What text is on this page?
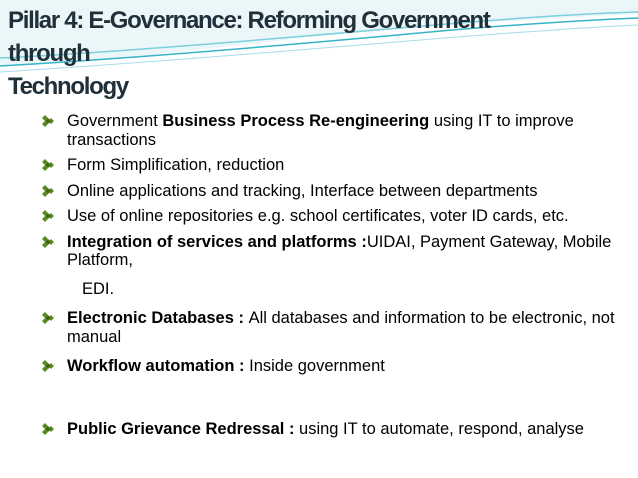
Pillar 4: E-Governance: Reforming Government through
Technology
Government Business Process Re-engineering using IT to improve transactions
Form Simplification, reduction
Online applications and tracking, Interface between departments
Use of online repositories e.g. school certificates, voter ID cards, etc.
Integration of services and platforms :UIDAI, Payment Gateway, Mobile Platform,
EDI.
Electronic Databases : All databases and information to be electronic, not manual
Workflow automation : Inside government
Public Grievance Redressal : using IT to automate, respond, analyse
